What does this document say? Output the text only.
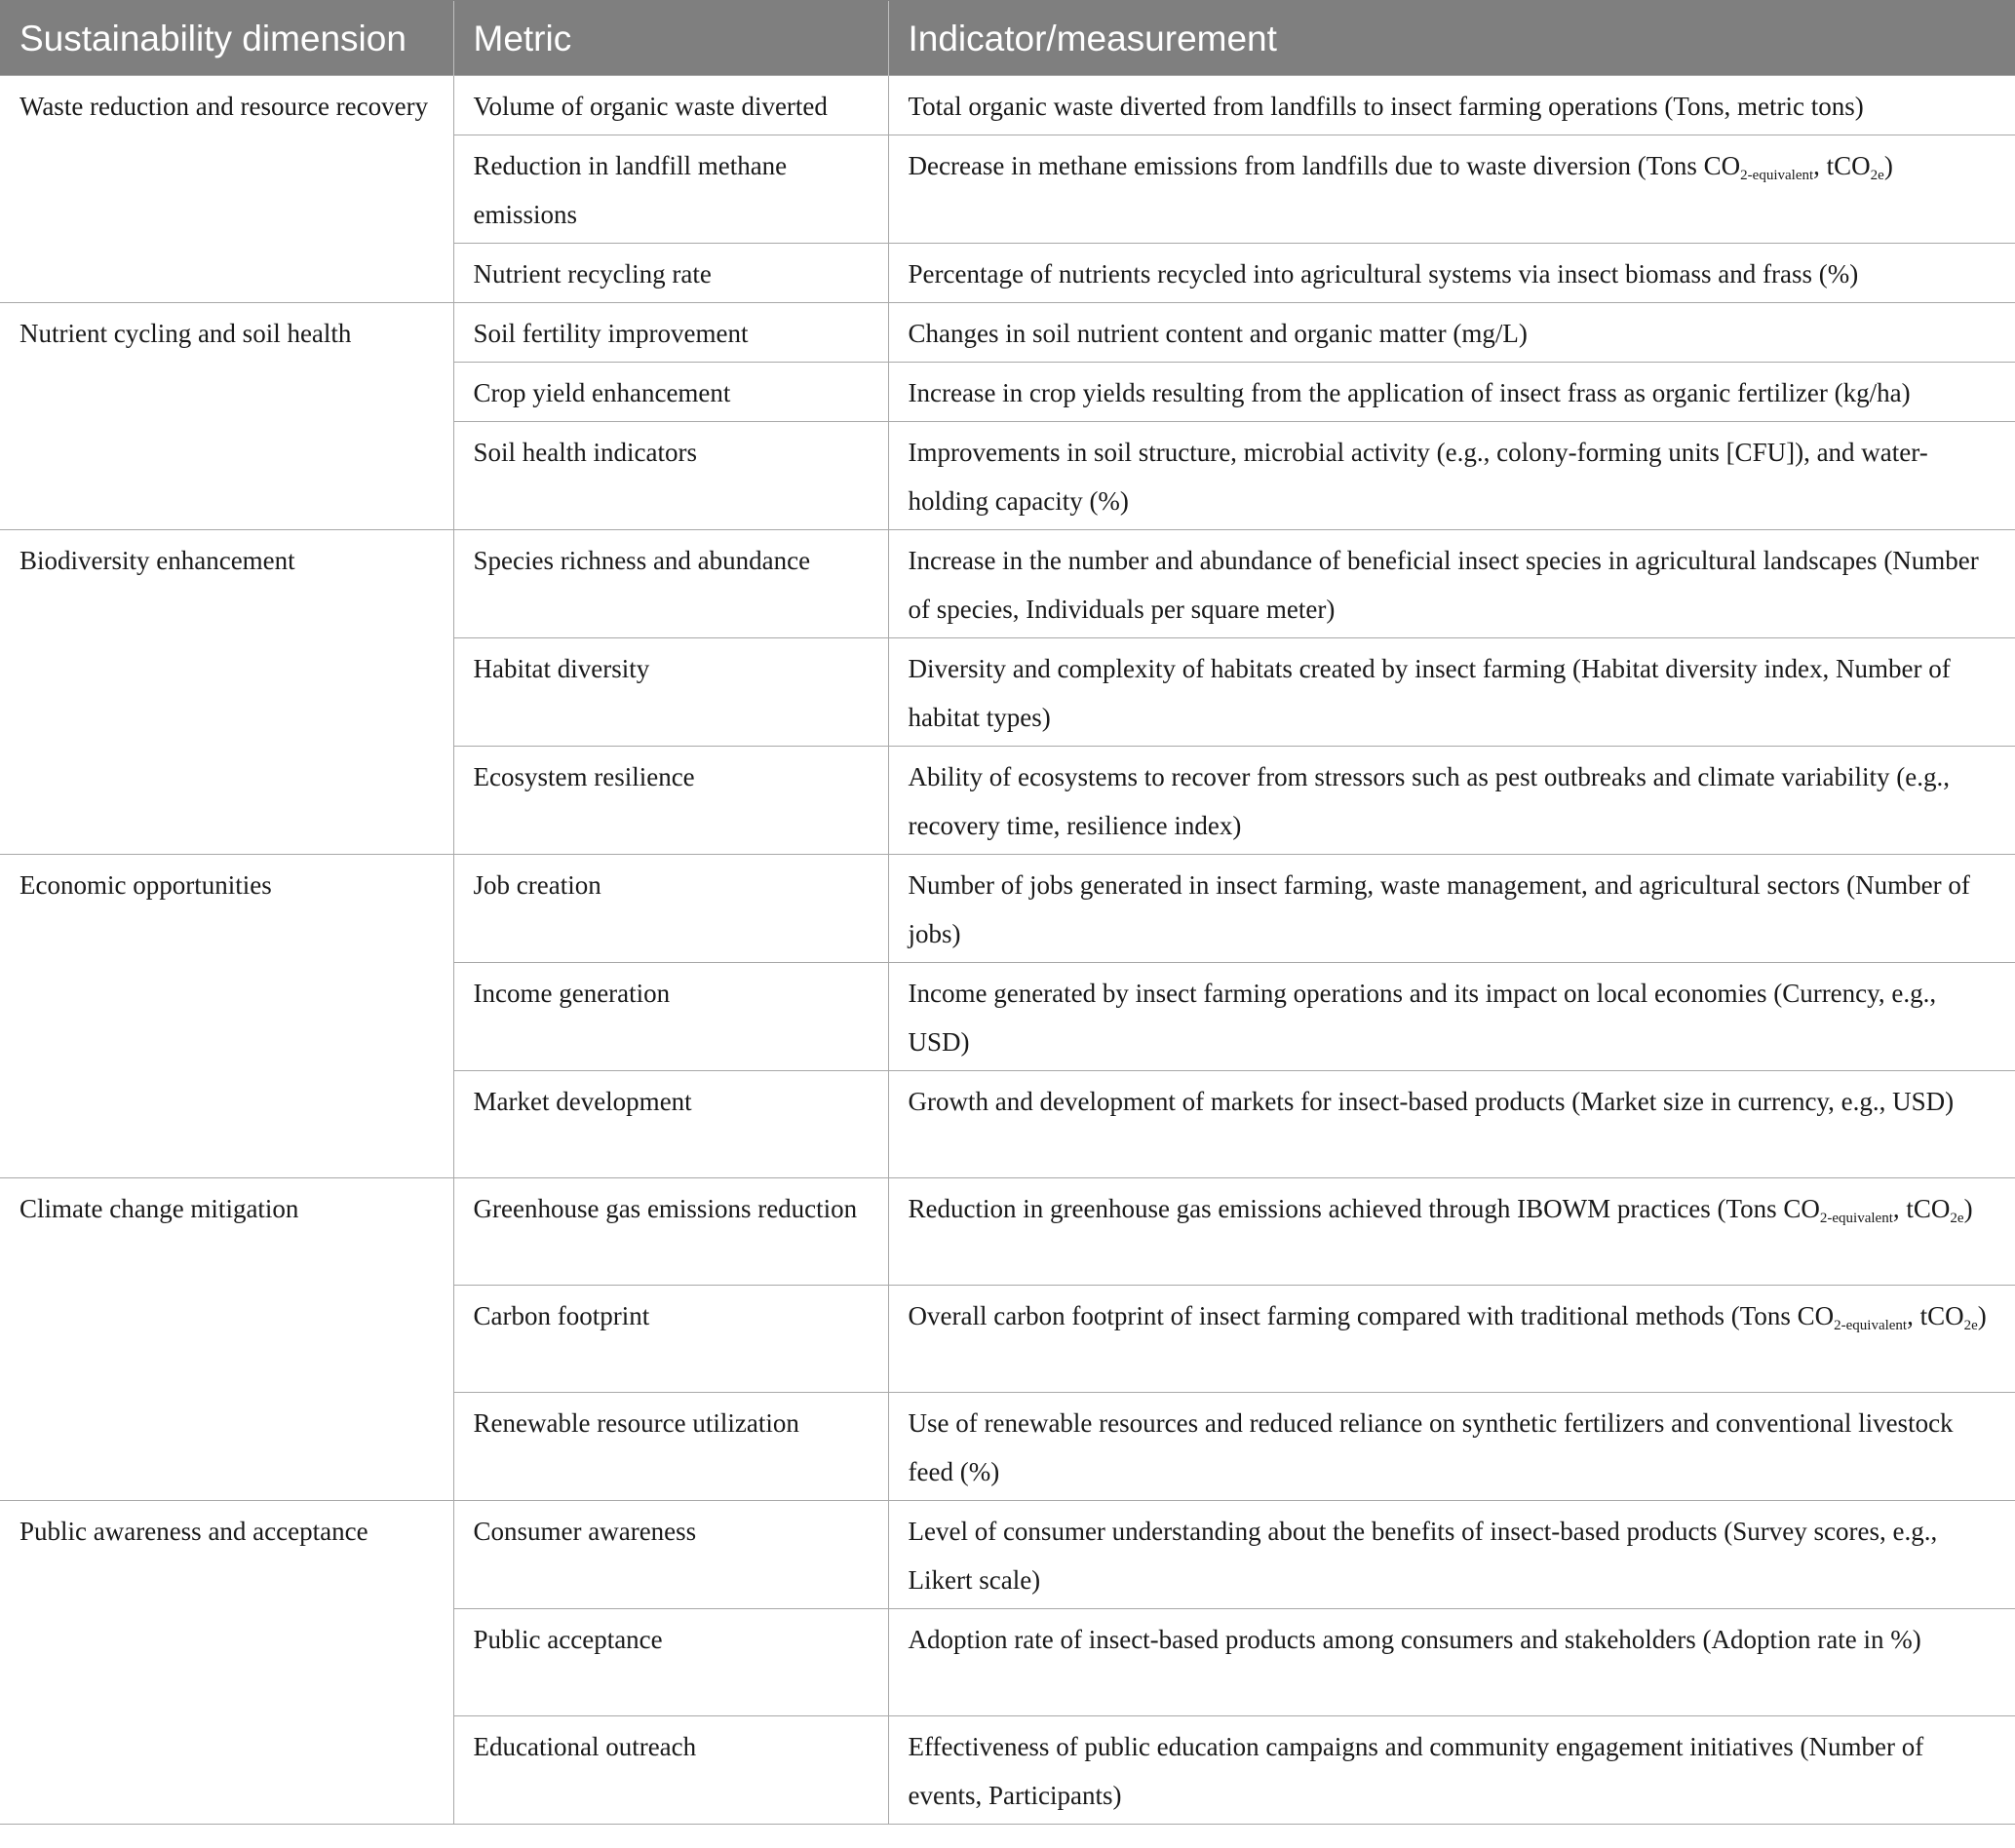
Sustainability dimension	Metric	Indicator/measurement
Waste reduction and resource recovery	Volume of organic waste diverted	Total organic waste diverted from landfills to insect farming operations (Tons, metric tons)
	Reduction in landfill methane emissions	Decrease in methane emissions from landfills due to waste diversion (Tons $CO_{2-equivalent}$, tCO$_{2e}$)
	Nutrient recycling rate	Percentage of nutrients recycled into agricultural systems via insect biomass and frass (%)
Nutrient cycling and soil health	Soil fertility improvement	Changes in soil nutrient content and organic matter (mg/L)
	Crop yield enhancement	Increase in crop yields resulting from the application of insect frass as organic fertilizer (kg/ha)
	Soil health indicators	Improvements in soil structure, microbial activity (e.g., colony-forming units [CFU]), and water-holding capacity (%)
Biodiversity enhancement	Species richness and abundance	Increase in the number and abundance of beneficial insect species in agricultural landscapes (Number of species, Individuals per square meter)
	Habitat diversity	Diversity and complexity of habitats created by insect farming (Habitat diversity index, Number of habitat types)
	Ecosystem resilience	Ability of ecosystems to recover from stressors such as pest outbreaks and climate variability (e.g., recovery time, resilience index)
Economic opportunities	Job creation	Number of jobs generated in insect farming, waste management, and agricultural sectors (Number of jobs)
	Income generation	Income generated by insect farming operations and its impact on local economies (Currency, e.g., USD)
	Market development	Growth and development of markets for insect-based products (Market size in currency, e.g., USD)
Climate change mitigation	Greenhouse gas emissions reduction	Reduction in greenhouse gas emissions achieved through IBOWM practices (Tons $CO_{2-equivalent}$, tCO$_{2e}$)
	Carbon footprint	Overall carbon footprint of insect farming compared with traditional methods (Tons $CO_{2-equivalent}$, tCO$_{2e}$)
	Renewable resource utilization	Use of renewable resources and reduced reliance on synthetic fertilizers and conventional livestock feed (%)
Public awareness and acceptance	Consumer awareness	Level of consumer understanding about the benefits of insect-based products (Survey scores, e.g., Likert scale)
	Public acceptance	Adoption rate of insect-based products among consumers and stakeholders (Adoption rate in %)
	Educational outreach	Effectiveness of public education campaigns and community engagement initiatives (Number of events, Participants)
